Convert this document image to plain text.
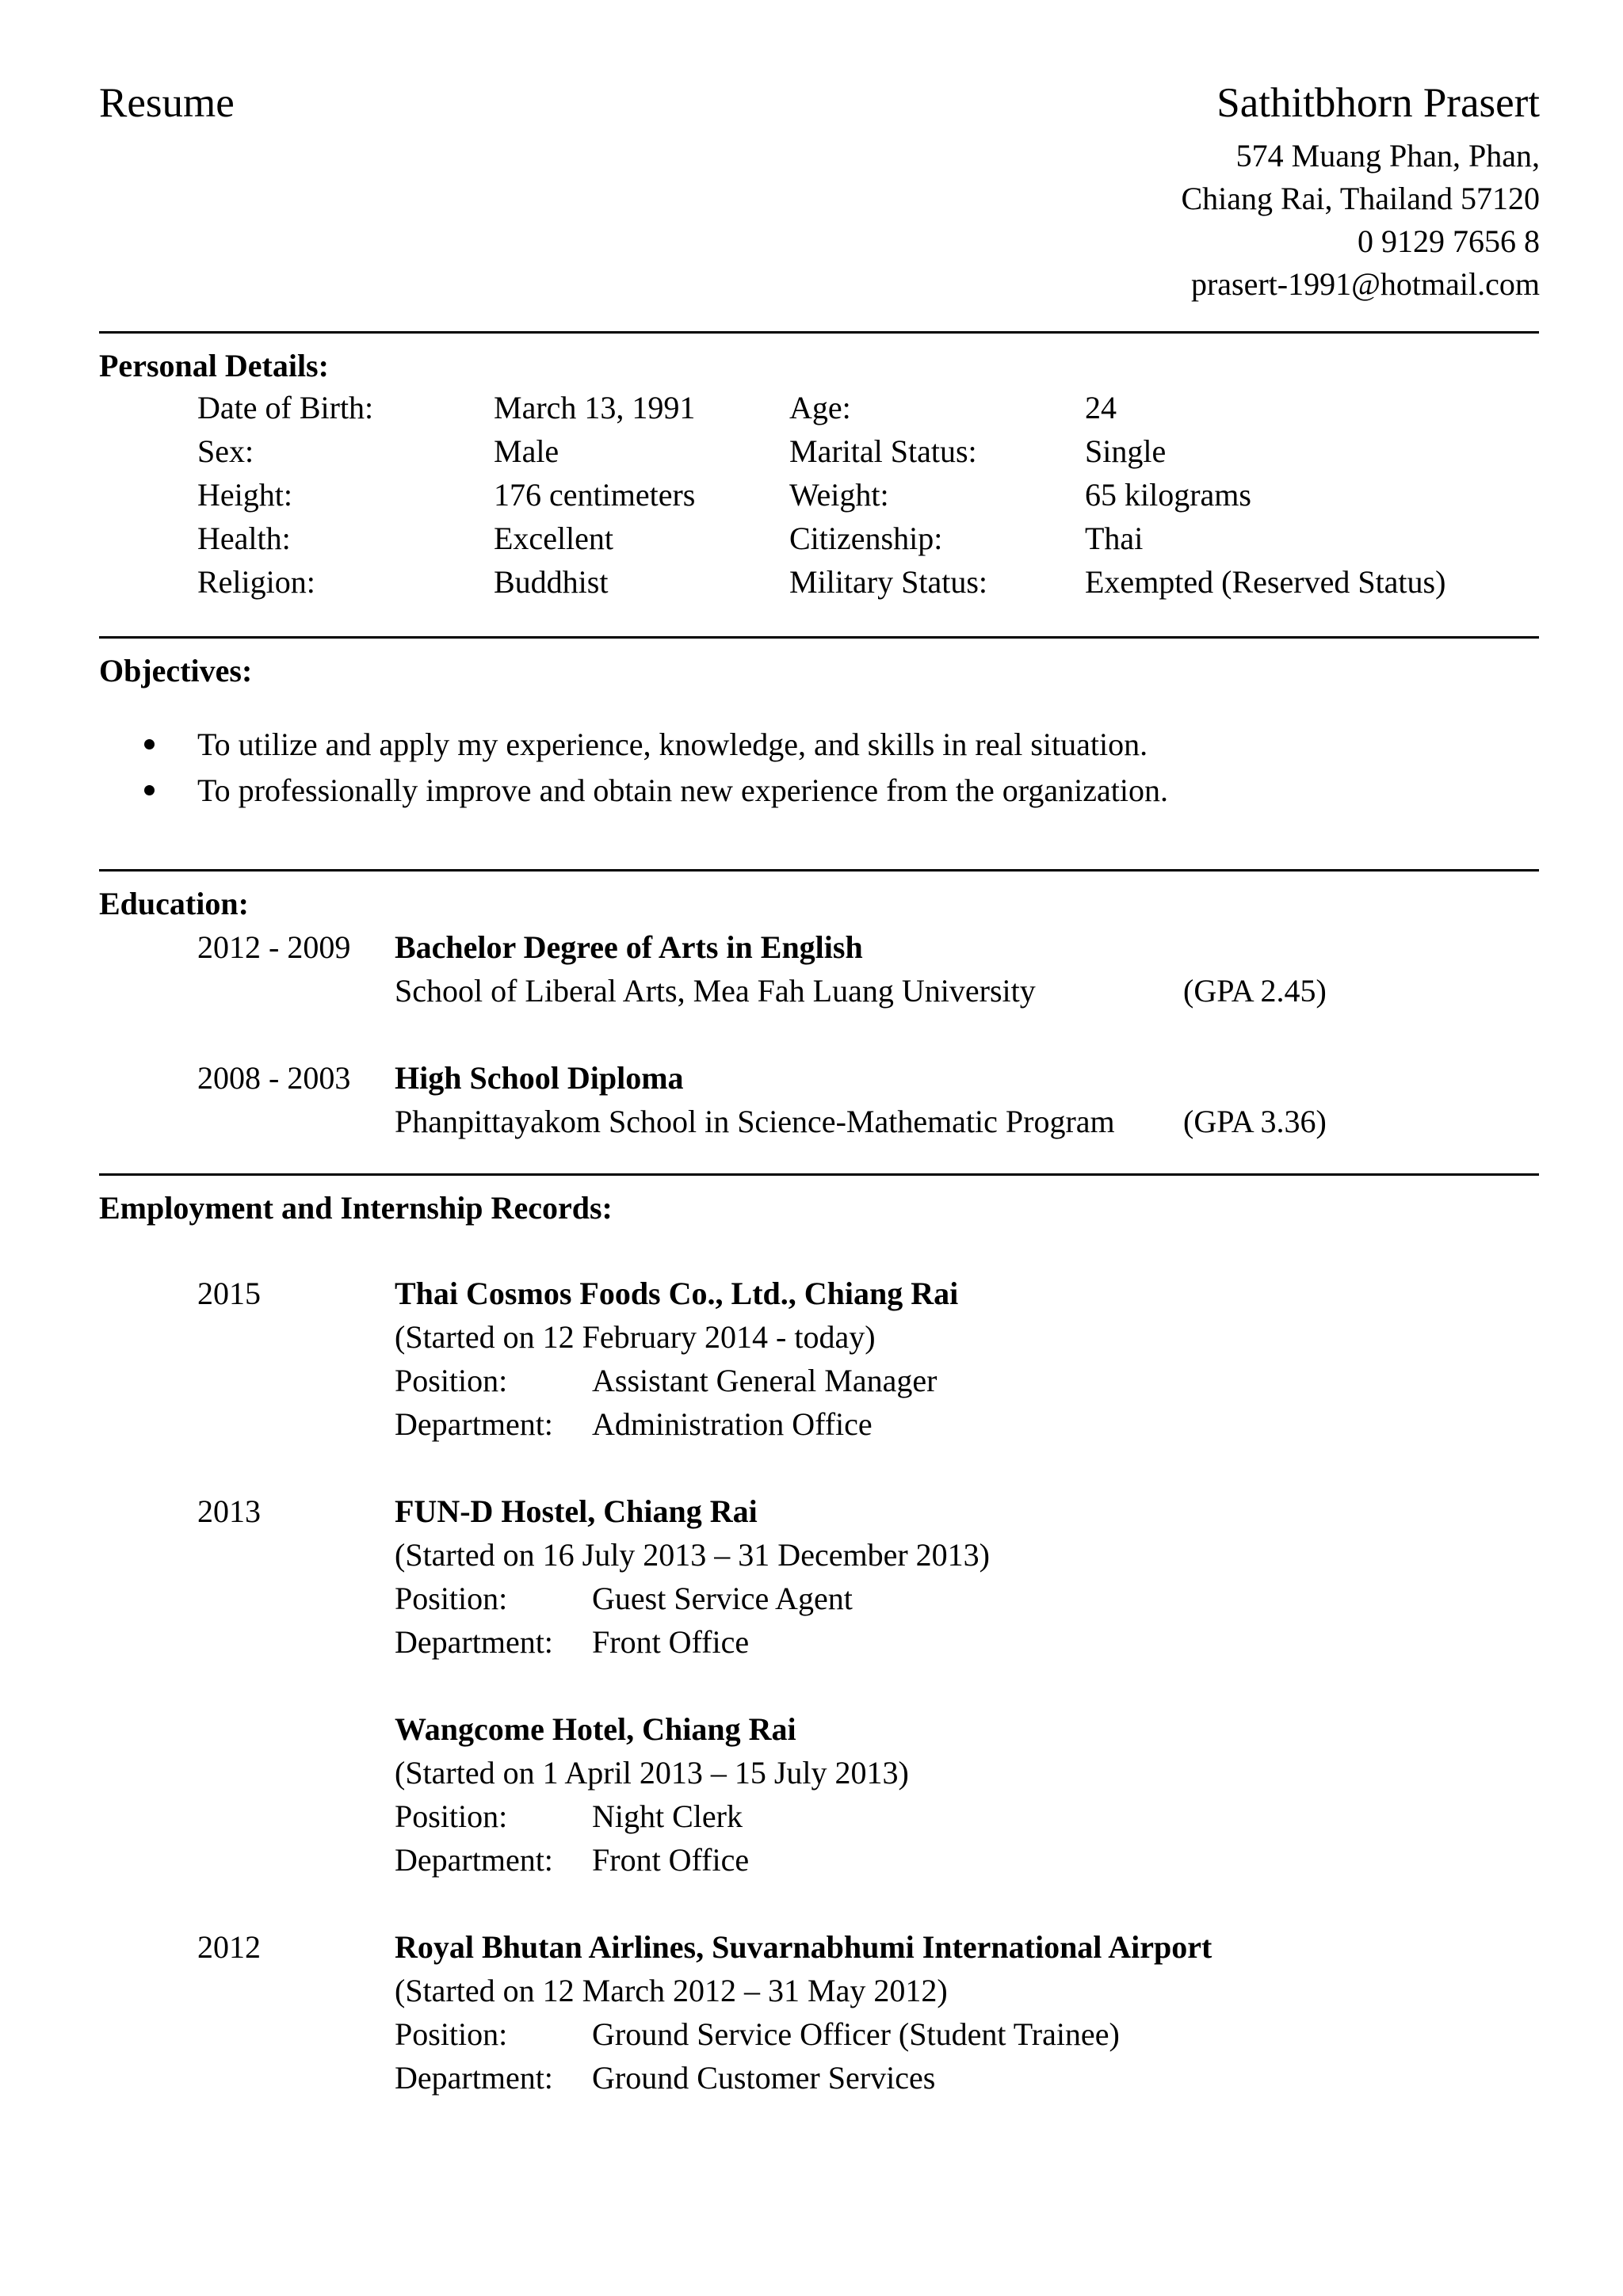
Resume	Sathitbhorn Prasert
574 Muang Phan, Phan,
Chiang Rai, Thailand 57120
0 9129 7656 8
prasert-1991@hotmail.com
Personal Details:
Date of Birth:	March 13, 1991	Age:	24
Sex:	Male	Marital Status:	Single
Height:	176 centimeters	Weight:	65 kilograms
Health:	Excellent	Citizenship:	Thai
Religion:	Buddhist	Military Status:	Exempted (Reserved Status)
Objectives:
To utilize and apply my experience, knowledge, and skills in real situation.
To professionally improve and obtain new experience from the organization.
Education:
2012 - 2009 Bachelor Degree of Arts in English
School of Liberal Arts, Mea Fah Luang University	(GPA 2.45)
2008 - 2003 High School Diploma
Phanpittayakom School in Science-Mathematic Program (GPA 3.36)
Employment and Internship Records:
2015	Thai Cosmos Foods Co., Ltd., Chiang Rai
(Started on 12 February 2014 - today)
Position:	Assistant General Manager
Department: Administration Office
2013	FUN-D Hostel, Chiang Rai
(Started on 16 July 2013 – 31 December 2013)
Position:	Guest Service Agent
Department: Front Office
Wangcome Hotel, Chiang Rai
(Started on 1 April 2013 – 15 July 2013)
Position:	Night Clerk
Department: Front Office
2012	Royal Bhutan Airlines, Suvarnabhumi International Airport
(Started on 12 March 2012 – 31 May 2012)
Position:	Ground Service Officer (Student Trainee)
Department: Ground Customer Services
